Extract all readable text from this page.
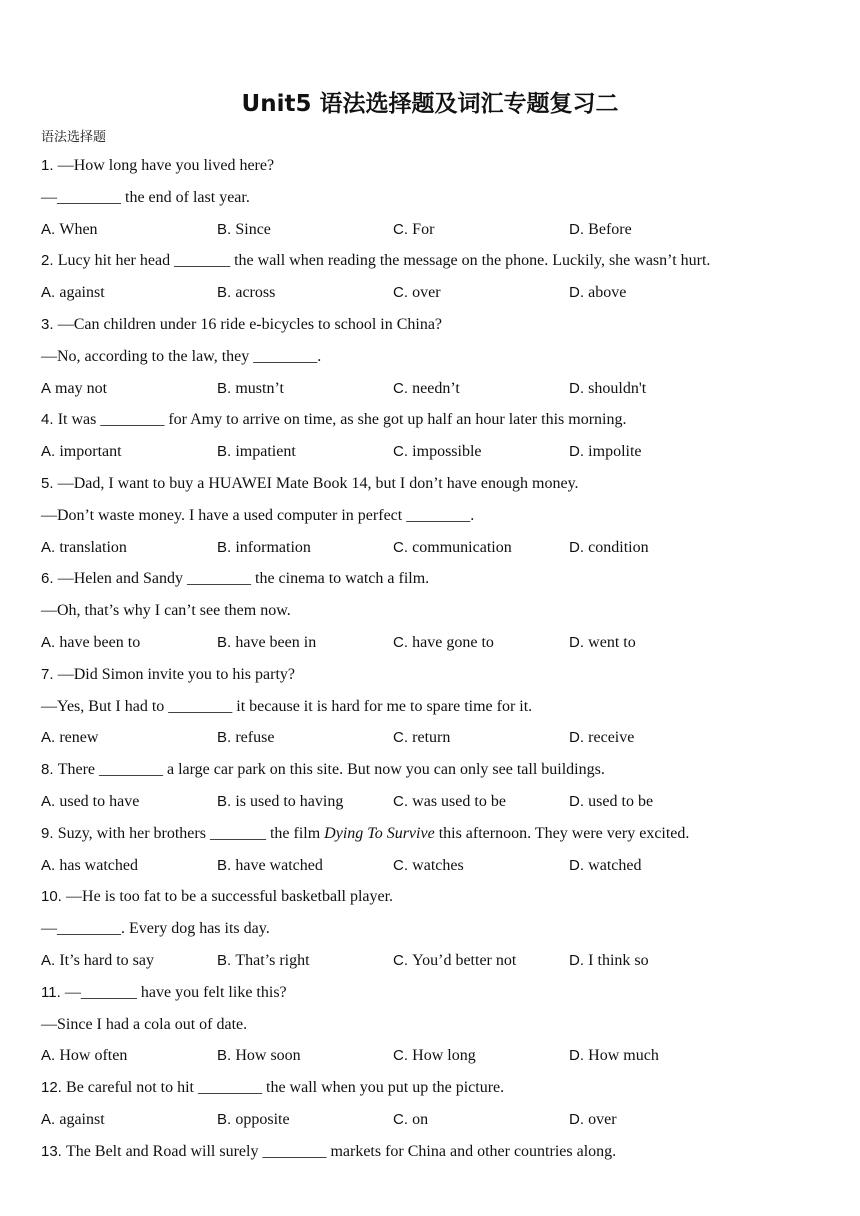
Unit5 语法选择题及词汇专题复习二
语法选择题
1. —How long have you lived here?
—________ the end of last year.
A. When	B. Since	C. For	D. Before
2. Lucy hit her head _______ the wall when reading the message on the phone. Luckily, she wasn’t hurt.
A. against	B. across	C. over	D. above
3. —Can children under 16 ride e-bicycles to school in China?
—No, according to the law, they ________.
A may not	B. mustn’t	C. needn’t	D. shouldn't
4. It was ________ for Amy to arrive on time, as she got up half an hour later this morning.
A. important	B. impatient	C. impossible	D. impolite
5. —Dad, I want to buy a HUAWEI Mate Book 14, but I don’t have enough money.
—Don’t waste money. I have a used computer in perfect ________.
A. translation	B. information	C. communication	D. condition
6. —Helen and Sandy ________ the cinema to watch a film.
—Oh, that’s why I can’t see them now.
A. have been to	B. have been in	C. have gone to	D. went to
7. —Did Simon invite you to his party?
—Yes, But I had to ________ it because it is hard for me to spare time for it.
A. renew	B. refuse	C. return	D. receive
8. There ________ a large car park on this site. But now you can only see tall buildings.
A. used to have	B. is used to having	C. was used to be	D. used to be
9. Suzy, with her brothers _______ the film Dying To Survive this afternoon. They were very excited.
A. has watched	B. have watched	C. watches	D. watched
10. —He is too fat to be a successful basketball player.
—________. Every dog has its day.
A. It’s hard to say	B. That’s right	C. You’d better not	D. I think so
11. —_______ have you felt like this?
—Since I had a cola out of date.
A. How often	B. How soon	C. How long	D. How much
12. Be careful not to hit ________ the wall when you put up the picture.
A. against	B. opposite	C. on	D. over
13. The Belt and Road will surely ________ markets for China and other countries along.
